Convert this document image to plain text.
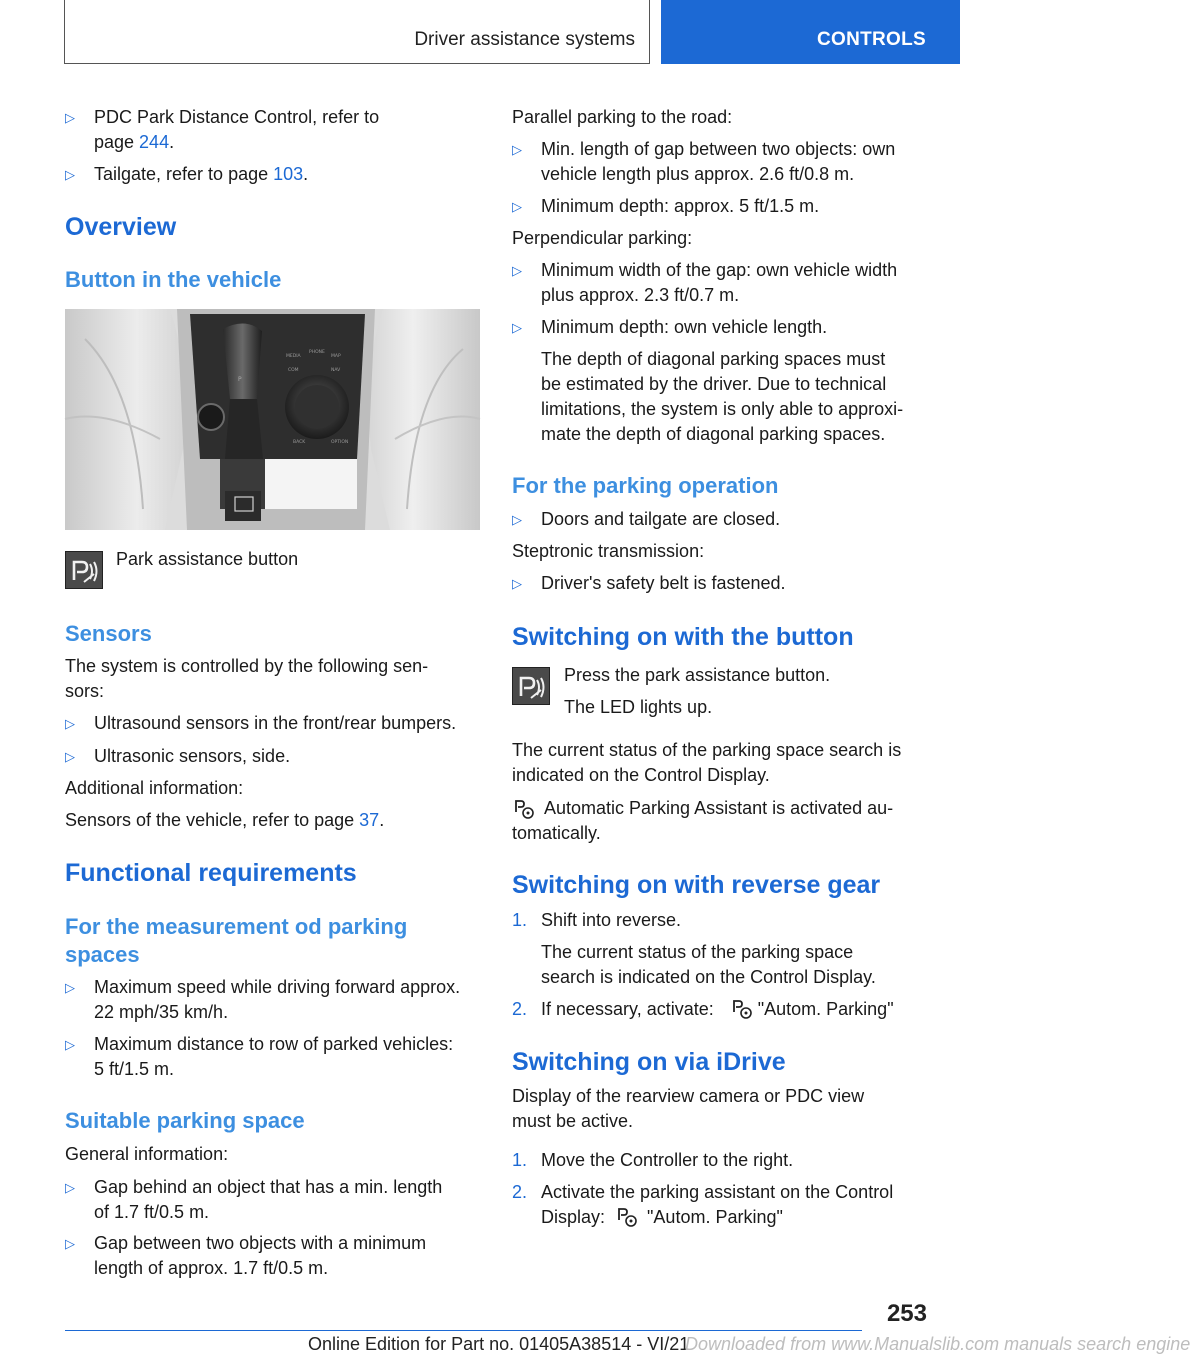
Driver assistance systems	CONTROLS
▷ PDC Park Distance Control, refer to
page 244.
▷ Tailgate, refer to page 103.
Overview
Button in the vehicle
P
MEDIA
PHONE
MAP
COM	NAV
BACK	OPTION
Park assistance button
Sensors
The system is controlled by the following sen‐
sors:
▷ Ultrasound sensors in the front/rear bumpers.
▷ Ultrasonic sensors, side.
Additional information:
Sensors of the vehicle, refer to page 37.
Functional requirements
For the measurement od parking
spaces
▷ Maximum speed while driving forward approx.
22 mph/35 km/h.
▷ Maximum distance to row of parked vehicles:
5 ft/1.5 m.
Suitable parking space
General information:
▷ Gap behind an object that has a min. length
of 1.7 ft/0.5 m.
▷ Gap between two objects with a minimum
length of approx. 1.7 ft/0.5 m.
Parallel parking to the road:
▷ Min. length of gap between two objects: own
vehicle length plus approx. 2.6 ft/0.8 m.
▷ Minimum depth: approx. 5 ft/1.5 m.
Perpendicular parking:
▷ Minimum width of the gap: own vehicle width
plus approx. 2.3 ft/0.7 m.
▷ Minimum depth: own vehicle length.
The depth of diagonal parking spaces must
be estimated by the driver. Due to technical
limitations, the system is only able to approxi‐
mate the depth of diagonal parking spaces.
For the parking operation
▷ Doors and tailgate are closed.
Steptronic transmission:
▷ Driver's safety belt is fastened.
Switching on with the button
Press the park assistance button.
The LED lights up.
The current status of the parking space search is
indicated on the Control Display.
Automatic Parking Assistant is activated au‐
tomatically.
Switching on with reverse gear
1. Shift into reverse.
The current status of the parking space
search is indicated on the Control Display.
2. If necessary, activate: "Autom. Parking"
Switching on via iDrive
Display of the rearview camera or PDC view
must be active.
1. Move the Controller to the right.
2. Activate the parking assistant on the Control
Display: "Autom. Parking"
253
Online Edition for Part no. 01405A38514 - VI/21
Downloaded from www.Manualslib.com manuals search engine
